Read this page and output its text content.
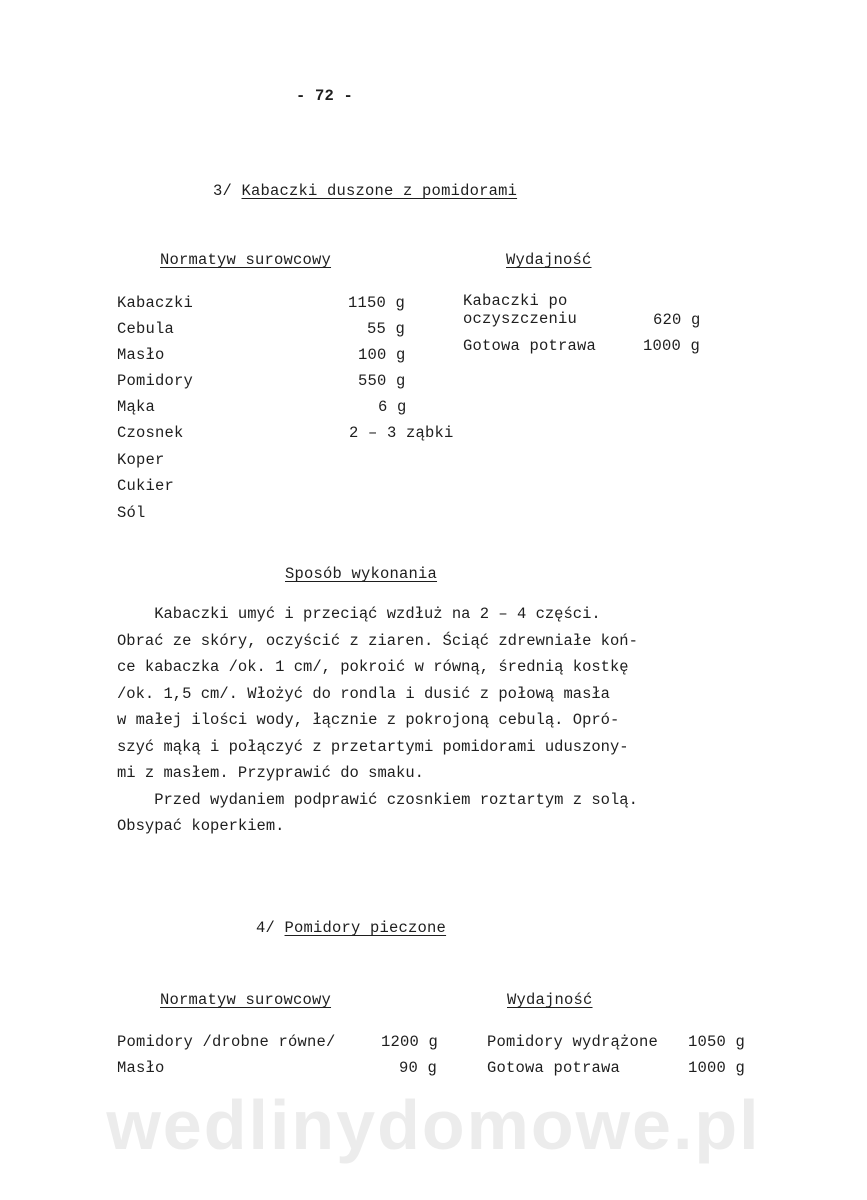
- 72 -
3/ Kabaczki duszone z pomidorami
Normatyw surowcowy	Wydajność
Kabaczki	1150 g
Cebula	55 g
Masło	100 g
Pomidory	550 g
Mąka	6 g
Czosnek	2 – 3 ząbki
Koper
Cukier
Sól
Kabaczki po
oczyszczeniu	620 g
Gotowa potrawa	1000 g
Sposób wykonania
Kabaczki umyć i przeciąć wzdłuż na 2 – 4 części.
Obrać ze skóry, oczyścić z ziaren. Ściąć zdrewniałe koń-
ce kabaczka /ok. 1 cm/, pokroić w równą, średnią kostkę
/ok. 1,5 cm/. Włożyć do rondla i dusić z połową masła
w małej ilości wody, łącznie z pokrojoną cebulą. Opró-
szyć mąką i połączyć z przetartymi pomidorami uduszony-
mi z masłem. Przyprawić do smaku.
Przed wydaniem podprawić czosnkiem roztartym z solą.
Obsypać koperkiem.
4/ Pomidory pieczone
Normatyw surowcowy	Wydajność
Pomidory /drobne równe/	1200 g
Masło	90 g
Pomidory wydrążone 1050 g
Gotowa potrawa	1000 g
wedlinydomowe.pl
